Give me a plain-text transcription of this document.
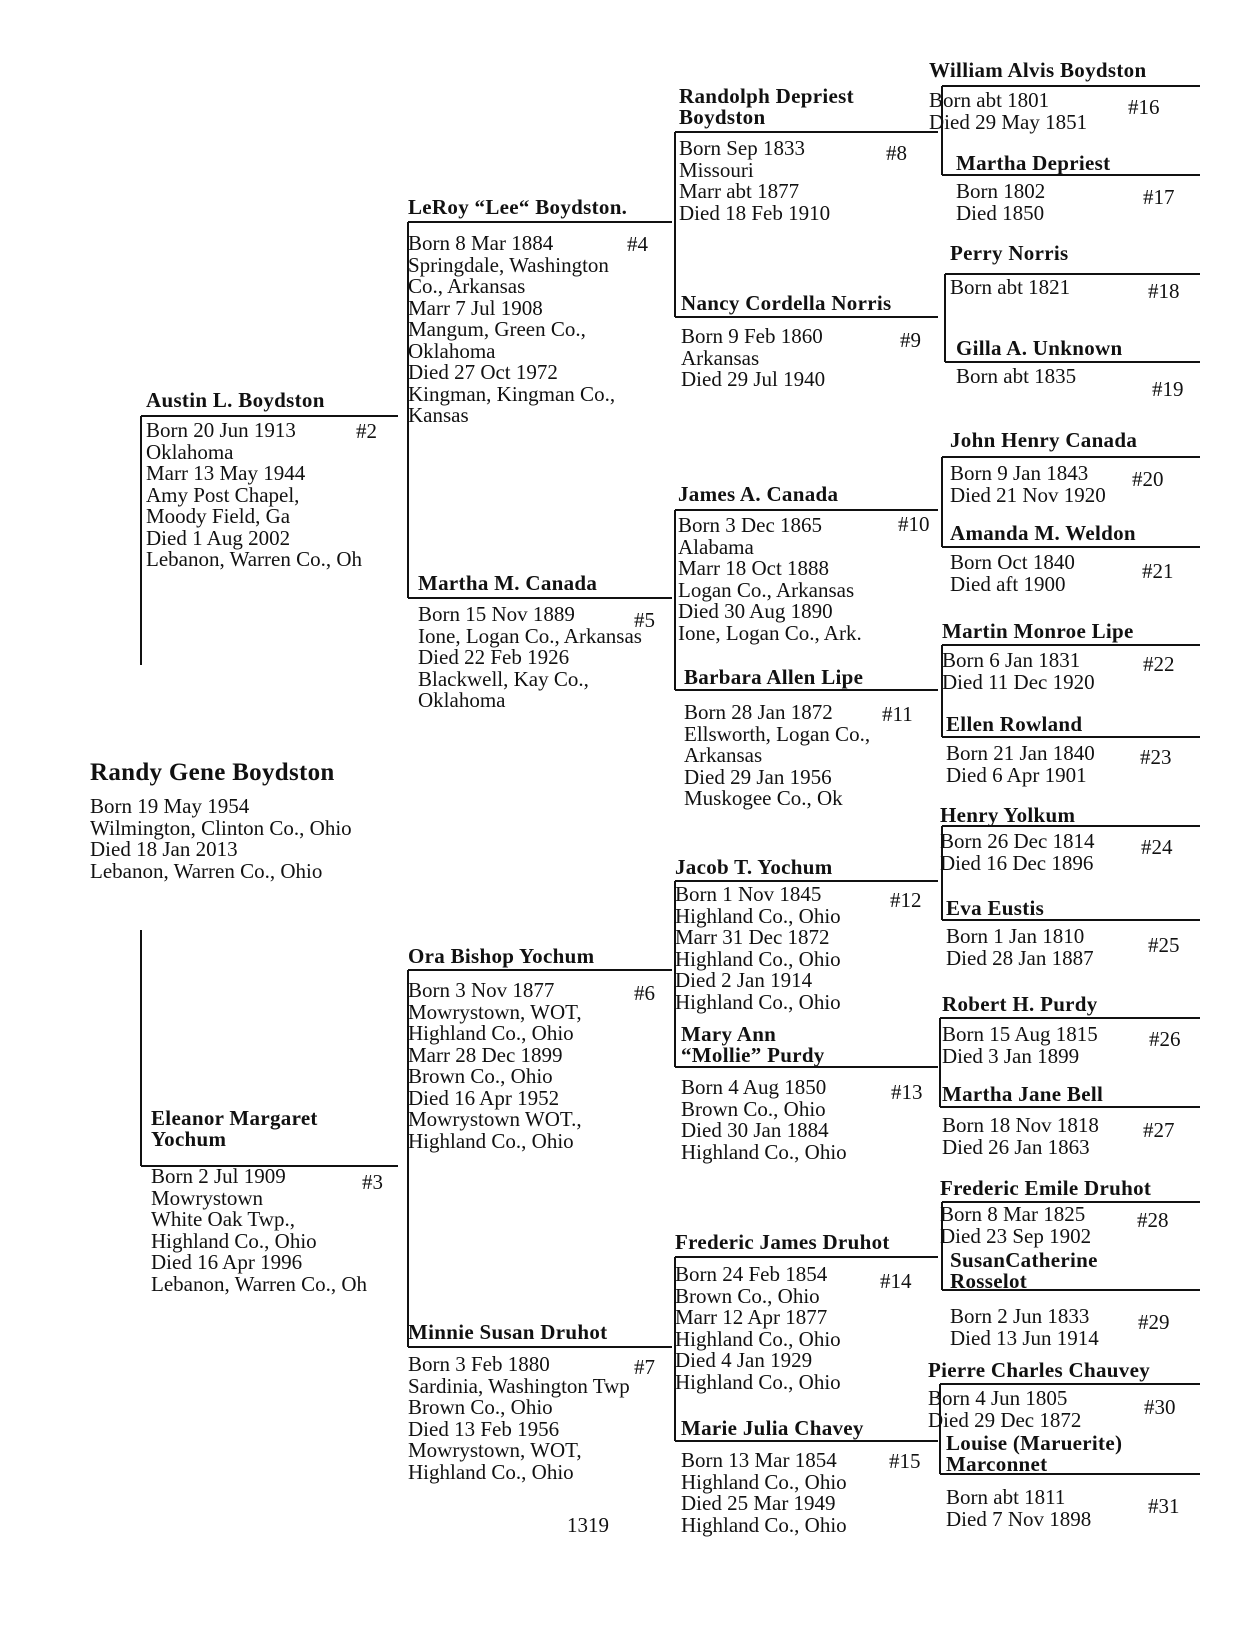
Randy Gene Boydston
Born 19 May 1954
Wilmington, Clinton Co., Ohio
Died 18 Jan 2013
Lebanon, Warren Co., Ohio
Austin L. Boydston
Born 20 Jun 1913
Oklahoma
Marr 13 May 1944
Amy Post Chapel,
Moody Field, Ga
Died 1 Aug 2002
Lebanon, Warren Co., Oh
#2
Eleanor Margaret
Yochum
Born 2 Jul 1909
Mowrystown
White Oak Twp.,
Highland Co., Ohio
Died 16 Apr 1996
Lebanon, Warren Co., Oh
#3
LeRoy “Lee“ Boydston.
Born 8 Mar 1884
Springdale, Washington
Co., Arkansas
Marr 7 Jul 1908
Mangum, Green Co.,
Oklahoma
Died 27 Oct 1972
Kingman, Kingman Co.,
Kansas
#4
Martha M. Canada
Born 15 Nov 1889
Ione, Logan Co., Arkansas
Died 22 Feb 1926
Blackwell, Kay Co.,
Oklahoma
#5
Ora Bishop Yochum
Born 3 Nov 1877
Mowrystown, WOT,
Highland Co., Ohio
Marr 28 Dec 1899
Brown Co., Ohio
Died 16 Apr 1952
Mowrystown WOT.,
Highland Co., Ohio
#6
Minnie Susan Druhot
Born 3 Feb 1880
Sardinia, Washington Twp
Brown Co., Ohio
Died 13 Feb 1956
Mowrystown, WOT,
Highland Co., Ohio
#7
Randolph Depriest
Boydston
Born Sep 1833
Missouri
Marr abt 1877
Died 18 Feb 1910
#8
Nancy Cordella Norris
Born 9 Feb 1860
Arkansas
Died 29 Jul 1940
#9
James A. Canada
Born 3 Dec 1865
Alabama
Marr 18 Oct 1888
Logan Co., Arkansas
Died 30 Aug 1890
Ione, Logan Co., Ark.
#10
Barbara Allen Lipe
Born 28 Jan 1872
Ellsworth, Logan Co.,
Arkansas
Died 29 Jan 1956
Muskogee Co., Ok
#11
Jacob T. Yochum
Born 1 Nov 1845
Highland Co., Ohio
Marr 31 Dec 1872
Highland Co., Ohio
Died 2 Jan 1914
Highland Co., Ohio
#12
Mary Ann
“Mollie” Purdy
Born 4 Aug 1850
Brown Co., Ohio
Died 30 Jan 1884
Highland Co., Ohio
#13
Frederic James Druhot
Born 24 Feb 1854
Brown Co., Ohio
Marr 12 Apr 1877
Highland Co., Ohio
Died 4 Jan 1929
Highland Co., Ohio
#14
Marie Julia Chavey
Born 13 Mar 1854
Highland Co., Ohio
Died 25 Mar 1949
Highland Co., Ohio
#15
William Alvis Boydston
Born abt 1801
Died 29 May 1851
#16
Martha Depriest
Born 1802
Died 1850
#17
Perry Norris
Born abt 1821	#18
Gilla A. Unknown
Born abt 1835
#19
John Henry Canada
Born 9 Jan 1843
Died 21 Nov 1920
#20
Amanda M. Weldon
Born Oct 1840
Died aft 1900
#21
Martin Monroe Lipe
Born 6 Jan 1831
Died 11 Dec 1920
#22
Ellen Rowland
Born 21 Jan 1840
Died 6 Apr 1901
#23
Henry Yolkum
Born 26 Dec 1814
Died 16 Dec 1896
#24
Eva Eustis
Born 1 Jan 1810
Died 28 Jan 1887
#25
Robert H. Purdy
Born 15 Aug 1815
Died 3 Jan 1899
#26
Martha Jane Bell
Born 18 Nov 1818
Died 26 Jan 1863
#27
Frederic Emile Druhot
Born 8 Mar 1825
Died 23 Sep 1902
#28
SusanCatherine
Rosselot
Born 2 Jun 1833
Died 13 Jun 1914
#29
Pierre Charles Chauvey
Born 4 Jun 1805
Died 29 Dec 1872
#30
Louise (Maruerite)
Marconnet
Born abt 1811
Died 7 Nov 1898
#31
1319
